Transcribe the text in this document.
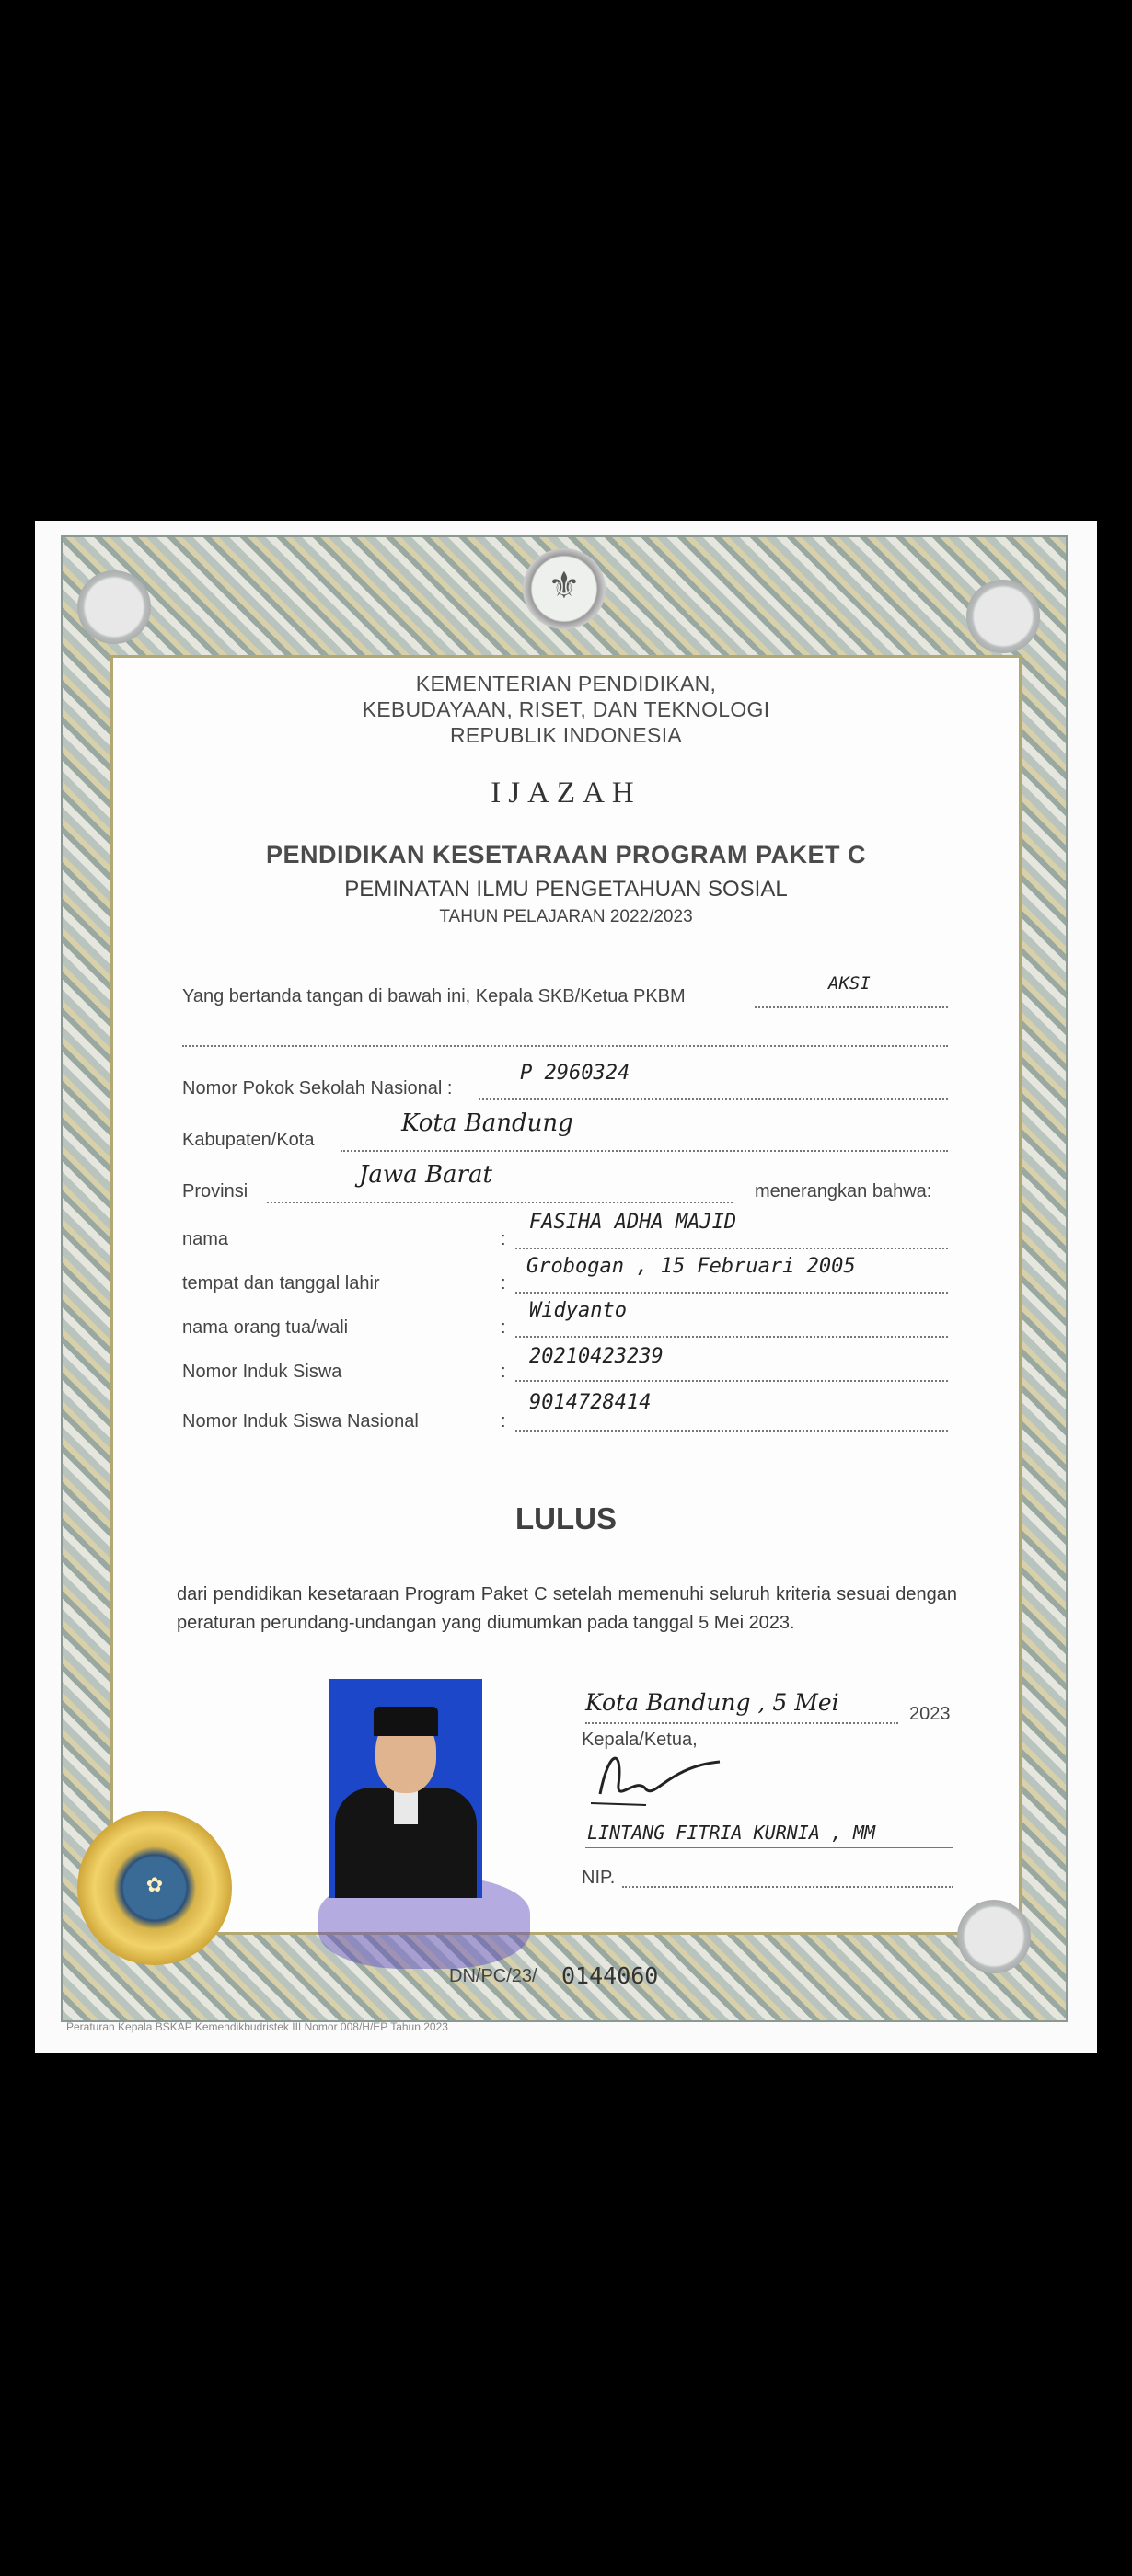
⚜
KEMENTERIAN PENDIDIKAN,
KEBUDAYAAN, RISET, DAN TEKNOLOGI
REPUBLIK INDONESIA
IJAZAH
PENDIDIKAN KESETARAAN PROGRAM PAKET C
PEMINATAN ILMU PENGETAHUAN SOSIAL
TAHUN PELAJARAN 2022/2023
Yang bertanda tangan di bawah ini, Kepala SKB/Ketua PKBM
AKSI
Nomor Pokok Sekolah Nasional :
P 2960324
Kabupaten/Kota
Kota Bandung
Provinsi
Jawa Barat
menerangkan bahwa:
nama	:
FASIHA ADHA MAJID
tempat dan tanggal lahir	:
Grobogan , 15 Februari 2005
nama orang tua/wali	:
Widyanto
Nomor Induk Siswa	:
20210423239
Nomor Induk Siswa Nasional	:
9014728414
LULUS
dari pendidikan kesetaraan Program Paket C setelah memenuhi seluruh kriteria sesuai dengan peraturan perundang-undangan yang diumumkan pada tanggal 5 Mei 2023.
Kota Bandung , 5 Mei	2023
Kepala/Ketua,
LINTANG FITRIA KURNIA , MM
NIP.
✿
DN/PC/23/ 0144060
Peraturan Kepala BSKAP Kemendikbudristek III Nomor 008/H/EP Tahun 2023
